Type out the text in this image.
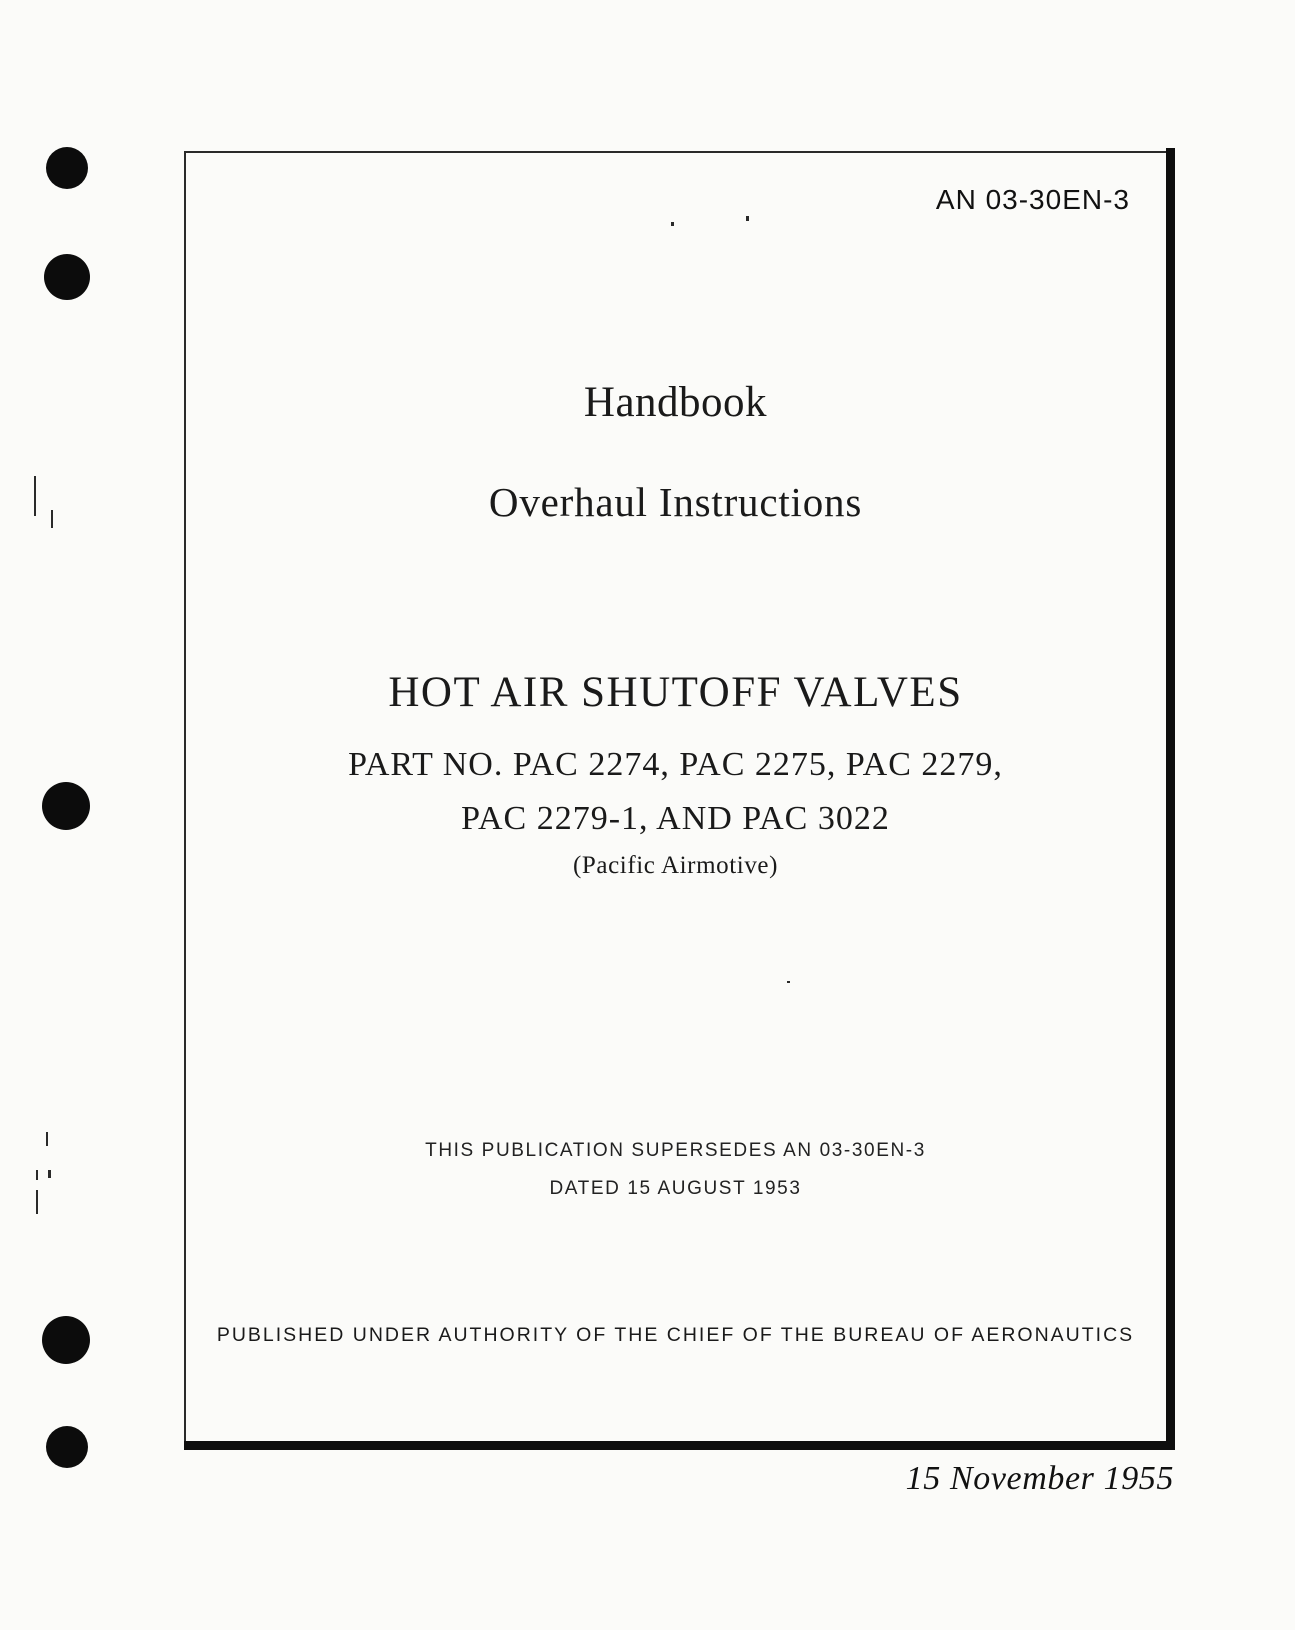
AN 03-30EN-3
Handbook
Overhaul Instructions
HOT AIR SHUTOFF VALVES
PART NO. PAC 2274, PAC 2275, PAC 2279,
PAC 2279-1, AND PAC 3022
(Pacific Airmotive)
THIS PUBLICATION SUPERSEDES AN 03-30EN-3
DATED 15 AUGUST 1953
PUBLISHED UNDER AUTHORITY OF THE CHIEF OF THE BUREAU OF AERONAUTICS
15 November 1955
